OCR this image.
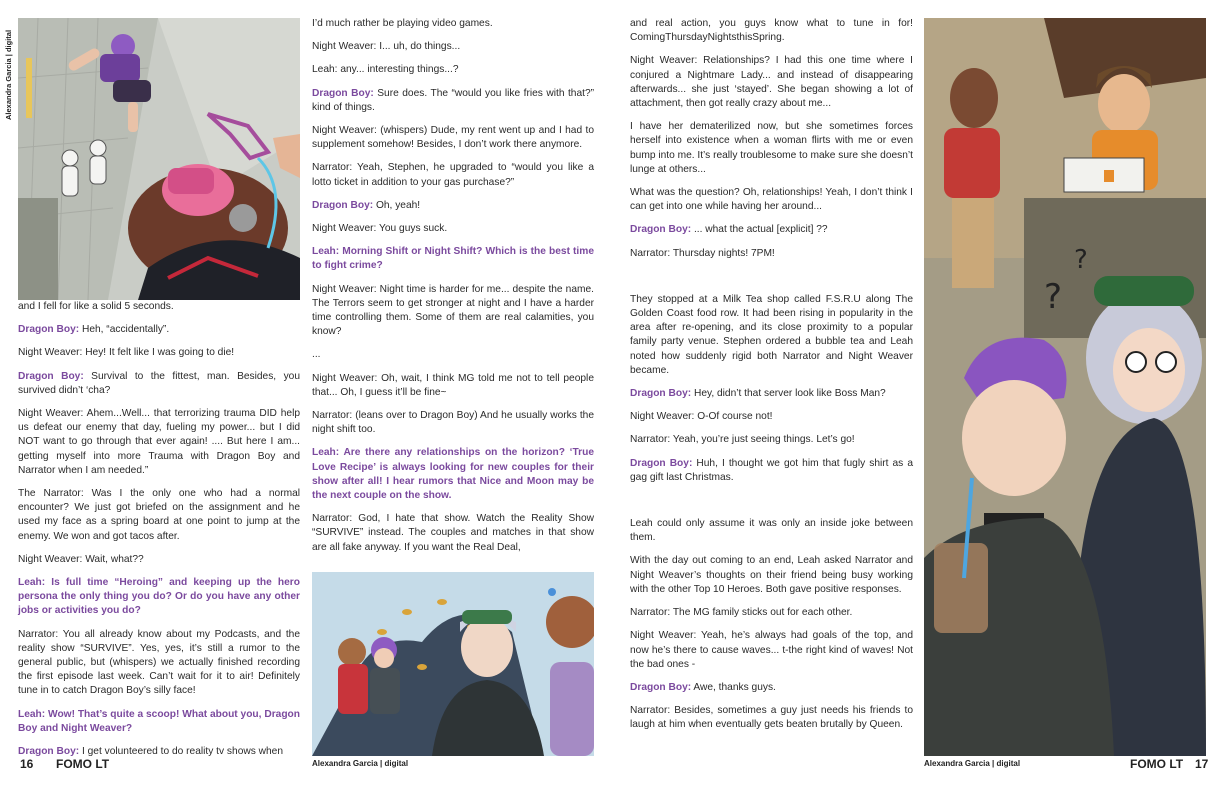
Alexandra Garcia | digital

and I fell for like a solid 5 seconds.

Dragon Boy: Heh, “accidentally”.

Night Weaver: Hey! It felt like I was going to die!

Dragon Boy: Survival to the fittest, man. Besides, you survived didn’t ‘cha?

Night Weaver: Ahem...Well... that terrorizing trauma DID help us defeat our enemy that day, fueling my power... but I did NOT want to go through that ever again! .... But here I am... getting myself into more Trauma with Dragon Boy and Narrator when I am needed.”

The Narrator: Was I the only one who had a normal encounter? We just got briefed on the assignment and he used my face as a spring board at one point to jump at the enemy. We won and got tacos after.

Night Weaver: Wait, what??

Leah: Is full time “Heroing” and keeping up the hero persona the only thing you do? Or do you have any other jobs or activities you do?

Narrator: You all already know about my Podcasts, and the reality show “SURVIVE”. Yes, yes, it’s still a rumor to the general public, but (whispers) we actually finished recording the first episode last week. Can’t wait for it to air! Definitely tune in to catch Dragon Boy’s silly face!

Leah: Wow! That’s quite a scoop! What about you, Dragon Boy and Night Weaver?

Dragon Boy: I get volunteered to do reality tv shows when

I’d much rather be playing video games.

Night Weaver: I... uh, do things...

Leah: any... interesting things...?

Dragon Boy: Sure does. The “would you like fries with that?” kind of things.

Night Weaver: (whispers) Dude, my rent went up and I had to supplement somehow! Besides, I don’t work there anymore.

Narrator: Yeah, Stephen, he upgraded to “would you like a lotto ticket in addition to your gas purchase?”

Dragon Boy: Oh, yeah!

Night Weaver: You guys suck.

Leah: Morning Shift or Night Shift? Which is the best time to fight crime?

Night Weaver: Night time is harder for me... despite the name. The Terrors seem to get stronger at night and I have a harder time controlling them. Some of them are real calamities, you know?

...

Night Weaver: Oh, wait, I think MG told me not to tell people that... Oh, I guess it’ll be fine~

Narrator: (leans over to Dragon Boy) And he usually works the night shift too.

Leah: Are there any relationships on the horizon? ‘True Love Recipe’ is always looking for new couples for their show after all! I hear rumors that Nice and Moon may be the next couple on the show.

Narrator: God, I hate that show. Watch the Reality Show “SURVIVE” instead. The couples and matches in that show are all fake anyway. If you want the Real Deal,

Alexandra Garcia | digital
16 FOMO LT

and real action, you guys know what to tune in for! ComingThursdayNightsthisSpring.

Night Weaver: Relationships? I had this one time where I conjured a Nightmare Lady... and instead of disappearing afterwards... she just ‘stayed’. She began showing a lot of attachment, then got really crazy about me...

I have her dematerilized now, but she sometimes forces herself into existence when a woman flirts with me or even bump into me. It’s really troublesome to make sure she doesn’t lunge at others...

What was the question? Oh, relationships! Yeah, I don’t think I can get into one while having her around...

Dragon Boy: ... what the actual [explicit] ??

Narrator: Thursday nights! 7PM!

They stopped at a Milk Tea shop called F.S.R.U along The Golden Coast food row. It had been rising in popularity in the area after re-opening, and its close proximity to a popular family party venue. Stephen ordered a bubble tea and Leah noted how suddenly rigid both Narrator and Night Weaver became.

Dragon Boy: Hey, didn’t that server look like Boss Man?

Night Weaver: O-Of course not!

Narrator: Yeah, you’re just seeing things. Let’s go!

Dragon Boy: Huh, I thought we got him that fugly shirt as a gag gift last Christmas.

Leah could only assume it was only an inside joke between them.

With the day out coming to an end, Leah asked Narrator and Night Weaver’s thoughts on their friend being busy working with the other Top 10 Heroes. Both gave positive responses.

Narrator: The MG family sticks out for each other.

Night Weaver: Yeah, he’s always had goals of the top, and now he’s there to cause waves... t-the right kind of waves! Not the bad ones -

Dragon Boy: Awe, thanks guys.

Narrator: Besides, sometimes a guy just needs his friends to laugh at him when eventually gets beaten brutally by Queen.

?
?
Alexandra Garcia | digital	FOMO LT 17
